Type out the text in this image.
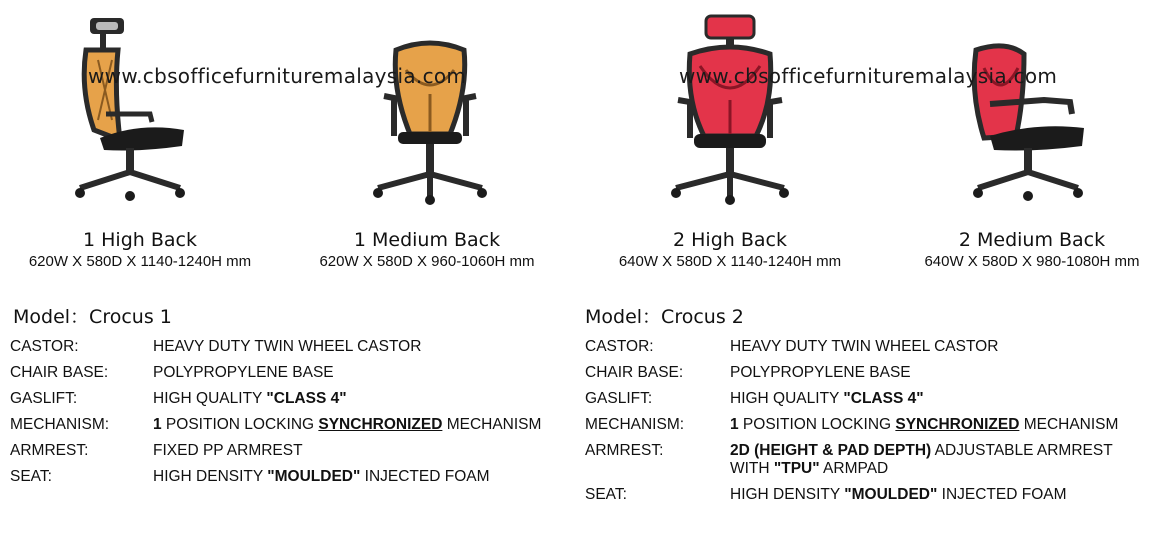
www.cbsofficefurnituremalaysia.com	www.cbsofficefurnituremalaysia.com
1 High Back
620W X 580D X 1140-1240H mm
1 Medium Back
620W X 580D X 960-1060H mm
2 High Back
640W X 580D X 1140-1240H mm
2 Medium Back
640W X 580D X 980-1080H mm
Model：Crocus 1
CASTOR:	HEAVY DUTY TWIN WHEEL CASTOR
CHAIR BASE:	POLYPROPYLENE BASE
GASLIFT:	HIGH QUALITY "CLASS 4"
MECHANISM:	1 POSITION LOCKING SYNCHRONIZED MECHANISM
ARMREST:	FIXED PP ARMREST
SEAT:	HIGH DENSITY "MOULDED" INJECTED FOAM
Model：Crocus 2
CASTOR:	HEAVY DUTY TWIN WHEEL CASTOR
CHAIR BASE:	POLYPROPYLENE BASE
GASLIFT:	HIGH QUALITY "CLASS 4"
MECHANISM:	1 POSITION LOCKING SYNCHRONIZED MECHANISM
ARMREST:	2D (HEIGHT & PAD DEPTH) ADJUSTABLE ARMREST
WITH "TPU" ARMPAD
SEAT:	HIGH DENSITY "MOULDED" INJECTED FOAM
